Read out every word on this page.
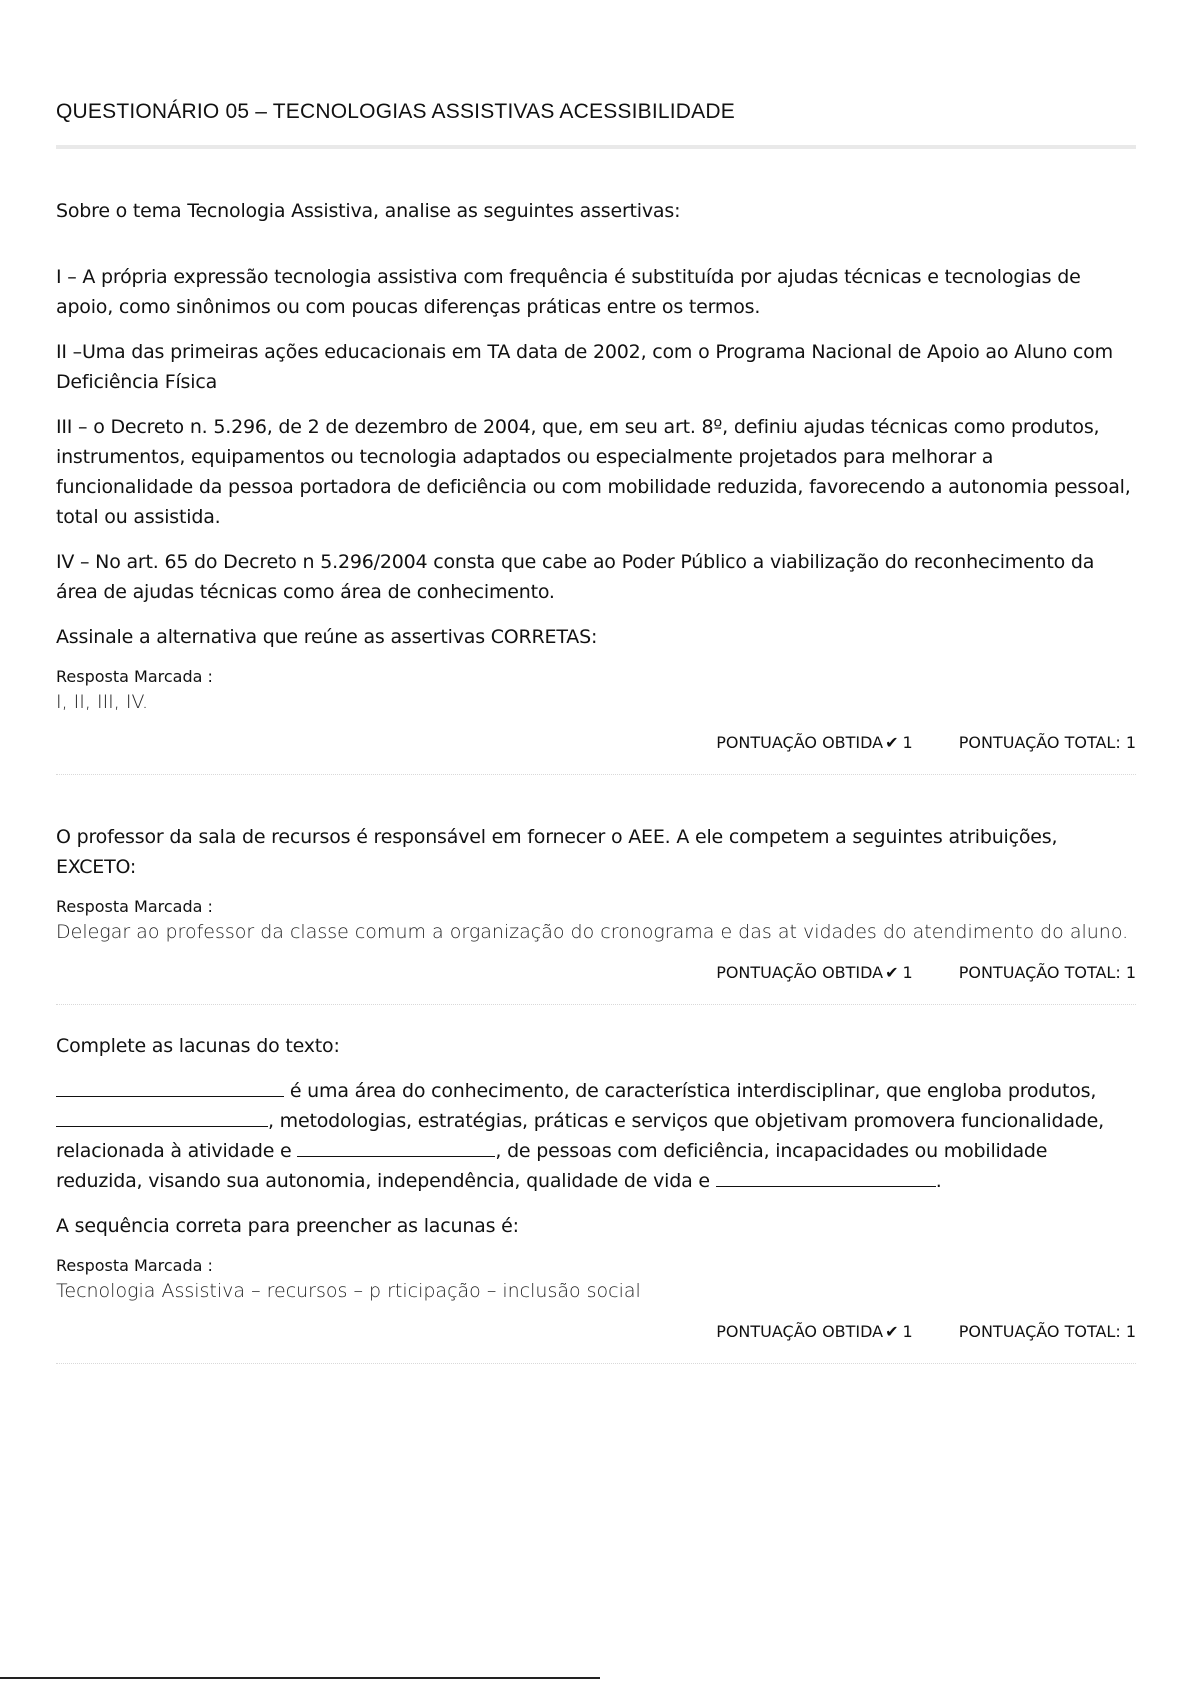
QUESTIONÁRIO 05 – TECNOLOGIAS ASSISTIVAS ACESSIBILIDADE

Sobre o tema Tecnologia Assistiva, analise as seguintes assertivas:

I – A própria expressão tecnologia assistiva com frequência é substituída por ajudas técnicas e tecnologias de apoio, como sinônimos ou com poucas diferenças práticas entre os termos.

II –Uma das primeiras ações educacionais em TA data de 2002, com o Programa Nacional de Apoio ao Aluno com Deficiência Física

III – o Decreto n. 5.296, de 2 de dezembro de 2004, que, em seu art. 8º, definiu ajudas técnicas como produtos, instrumentos, equipamentos ou tecnologia adaptados ou especialmente projetados para melhorar a funcionalidade da pessoa portadora de deficiência ou com mobilidade reduzida, favorecendo a autonomia pessoal, total ou assistida.

IV – No art. 65 do Decreto n 5.296/2004 consta que cabe ao Poder Público a viabilização do reconhecimento da área de ajudas técnicas como área de conhecimento.

Assinale a alternativa que reúne as assertivas CORRETAS:

Resposta Marcada :
I, II, III, IV.
PONTUAÇÃO OBTIDA ✔ 1	PONTUAÇÃO TOTAL: 1

O professor da sala de recursos é responsável em fornecer o AEE. A ele competem a seguintes atribuições, EXCETO:

Resposta Marcada :
Delegar ao professor da classe comum a organização do cronograma e das at vidades do atendimento do aluno.
PONTUAÇÃO OBTIDA ✔ 1	PONTUAÇÃO TOTAL: 1

Complete as lacunas do texto:

é uma área do conhecimento, de característica interdisciplinar, que engloba produtos, , metodologias, estratégias, práticas e serviços que objetivam promovera funcionalidade, relacionada à atividade e	, de pessoas com deficiência, incapacidades ou mobilidade reduzida, visando sua autonomia, independência, qualidade de vida e	.

A sequência correta para preencher as lacunas é:

Resposta Marcada :
Tecnologia Assistiva – recursos – p rticipação – inclusão social
PONTUAÇÃO OBTIDA ✔ 1	PONTUAÇÃO TOTAL: 1
